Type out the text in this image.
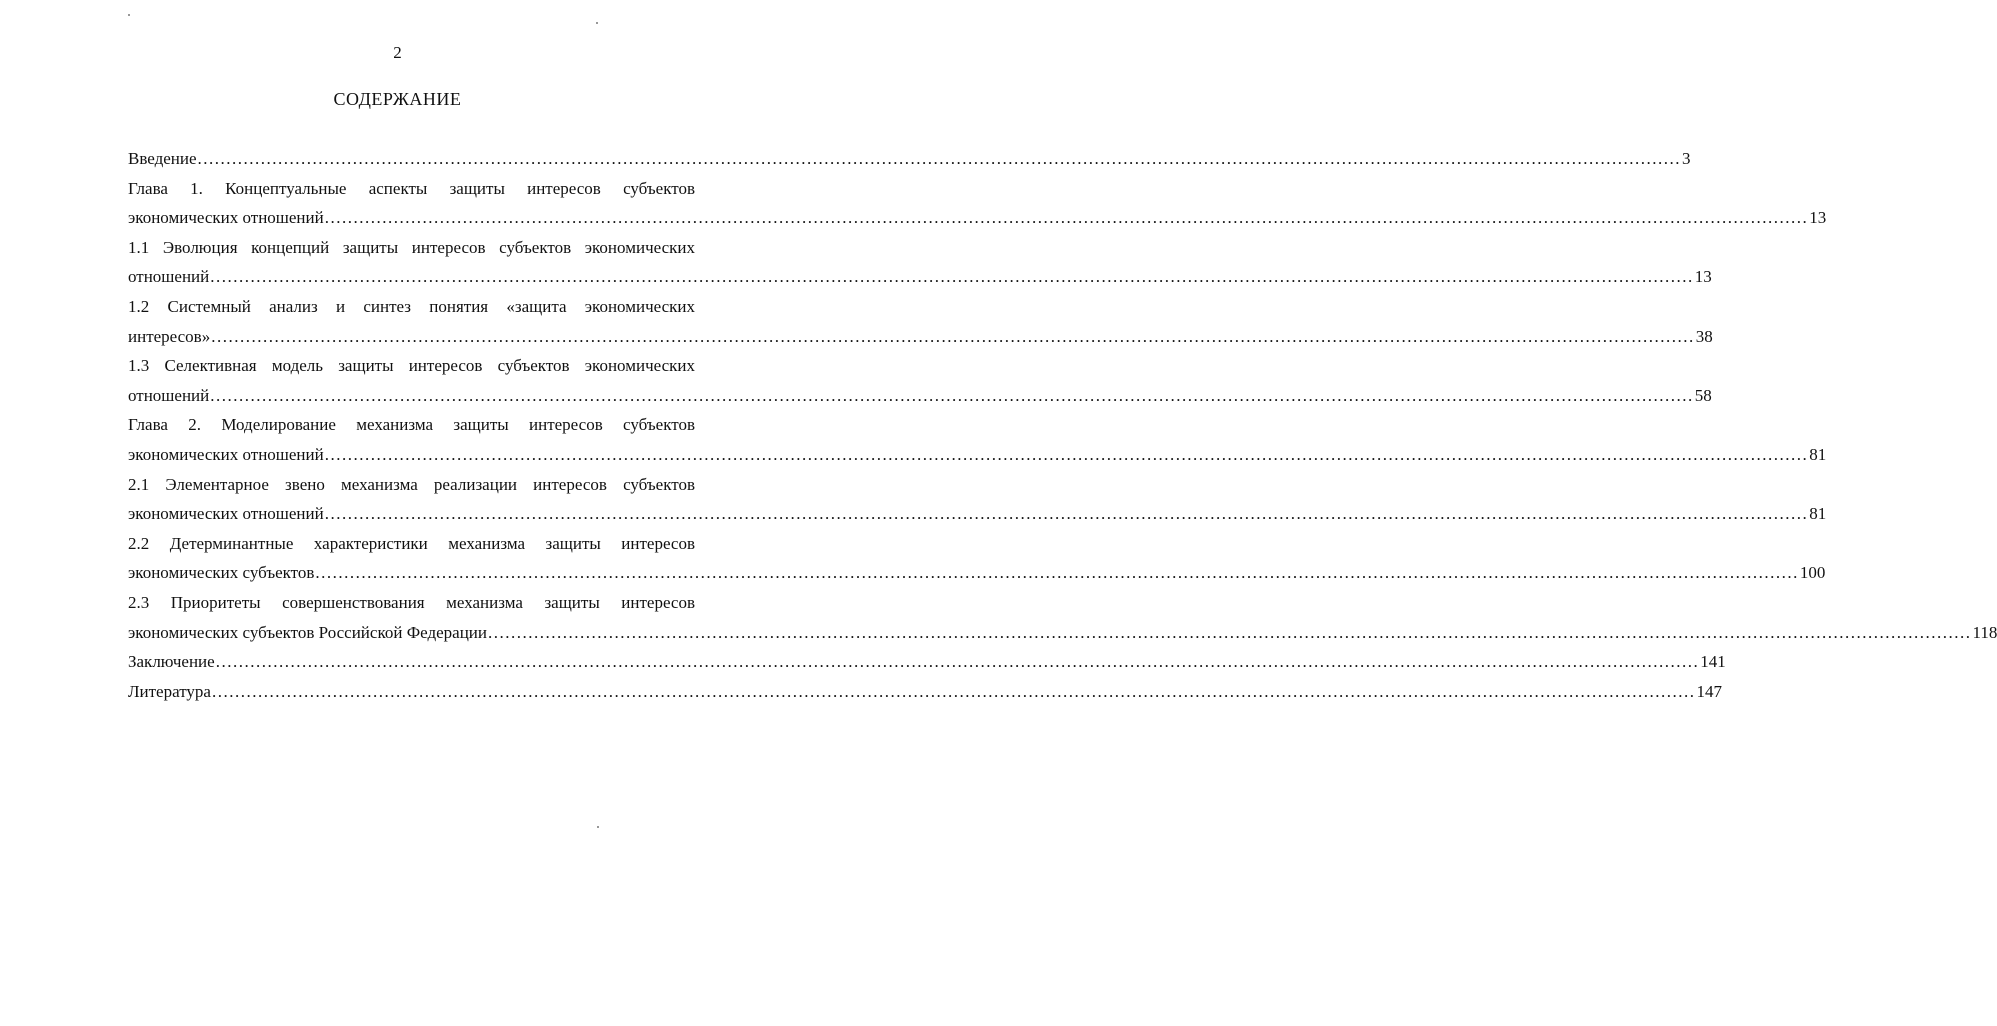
2
СОДЕРЖАНИЕ
Введение .................................................................................................................................................................................................................................................................. 3
Глава 1. Концептуальные аспекты защиты интересов субъектов
экономических отношений .................................................................................................................................................................................................................................................................. 13
1.1 Эволюция концепций защиты интересов субъектов экономических
отношений .................................................................................................................................................................................................................................................................. 13
1.2 Системный анализ и синтез понятия «защита экономических
интересов» .................................................................................................................................................................................................................................................................. 38
1.3 Селективная модель защиты интересов субъектов экономических
отношений .................................................................................................................................................................................................................................................................. 58
Глава 2. Моделирование механизма защиты интересов субъектов
экономических отношений .................................................................................................................................................................................................................................................................. 81
2.1 Элементарное звено механизма реализации интересов субъектов
экономических отношений .................................................................................................................................................................................................................................................................. 81
2.2 Детерминантные характеристики механизма защиты интересов
экономических субъектов .................................................................................................................................................................................................................................................................. 100
2.3 Приоритеты совершенствования механизма защиты интересов
экономических субъектов Российской Федерации .................................................................................................................................................................................................................................................................. 118
Заключение .................................................................................................................................................................................................................................................................. 141
Литература .................................................................................................................................................................................................................................................................. 147
